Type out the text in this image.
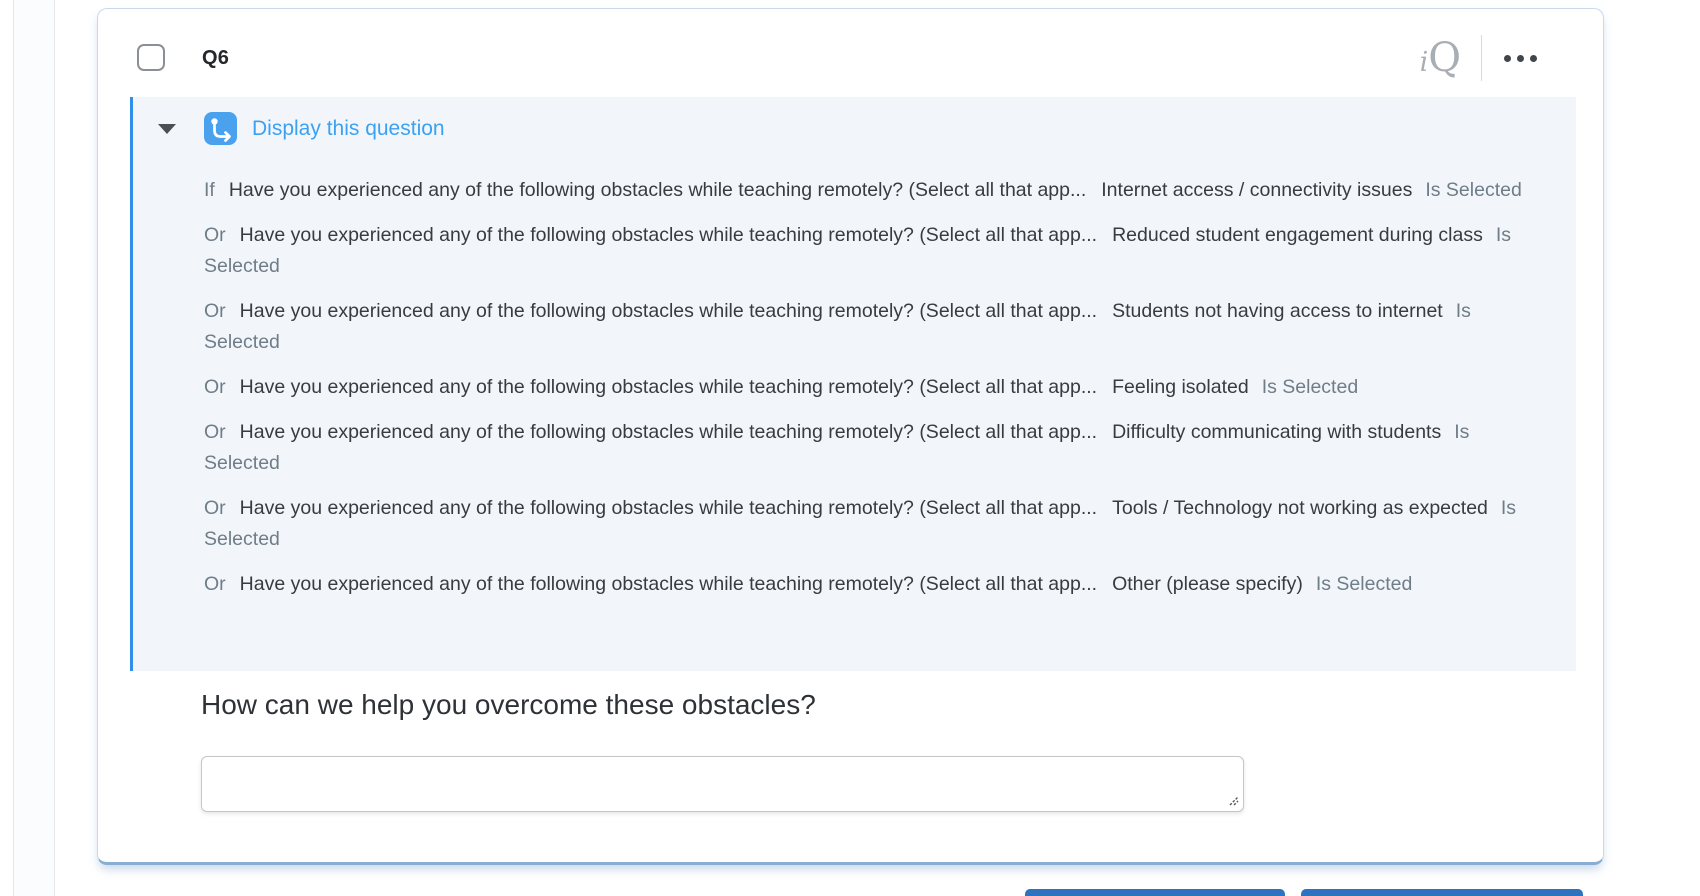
Q6	i Q
Display this question

If Have you experienced any of the following obstacles while teaching remotely? (Select all that app... Internet access / connectivity issues Is Selected

Or Have you experienced any of the following obstacles while teaching remotely? (Select all that app... Reduced student engagement during class Is Selected

Or Have you experienced any of the following obstacles while teaching remotely? (Select all that app... Students not having access to internet Is Selected

Or Have you experienced any of the following obstacles while teaching remotely? (Select all that app... Feeling isolated Is Selected

Or Have you experienced any of the following obstacles while teaching remotely? (Select all that app... Difficulty communicating with students Is Selected

Or Have you experienced any of the following obstacles while teaching remotely? (Select all that app... Tools / Technology not working as expected Is Selected

Or Have you experienced any of the following obstacles while teaching remotely? (Select all that app... Other (please specify) Is Selected

How can we help you overcome these obstacles?
